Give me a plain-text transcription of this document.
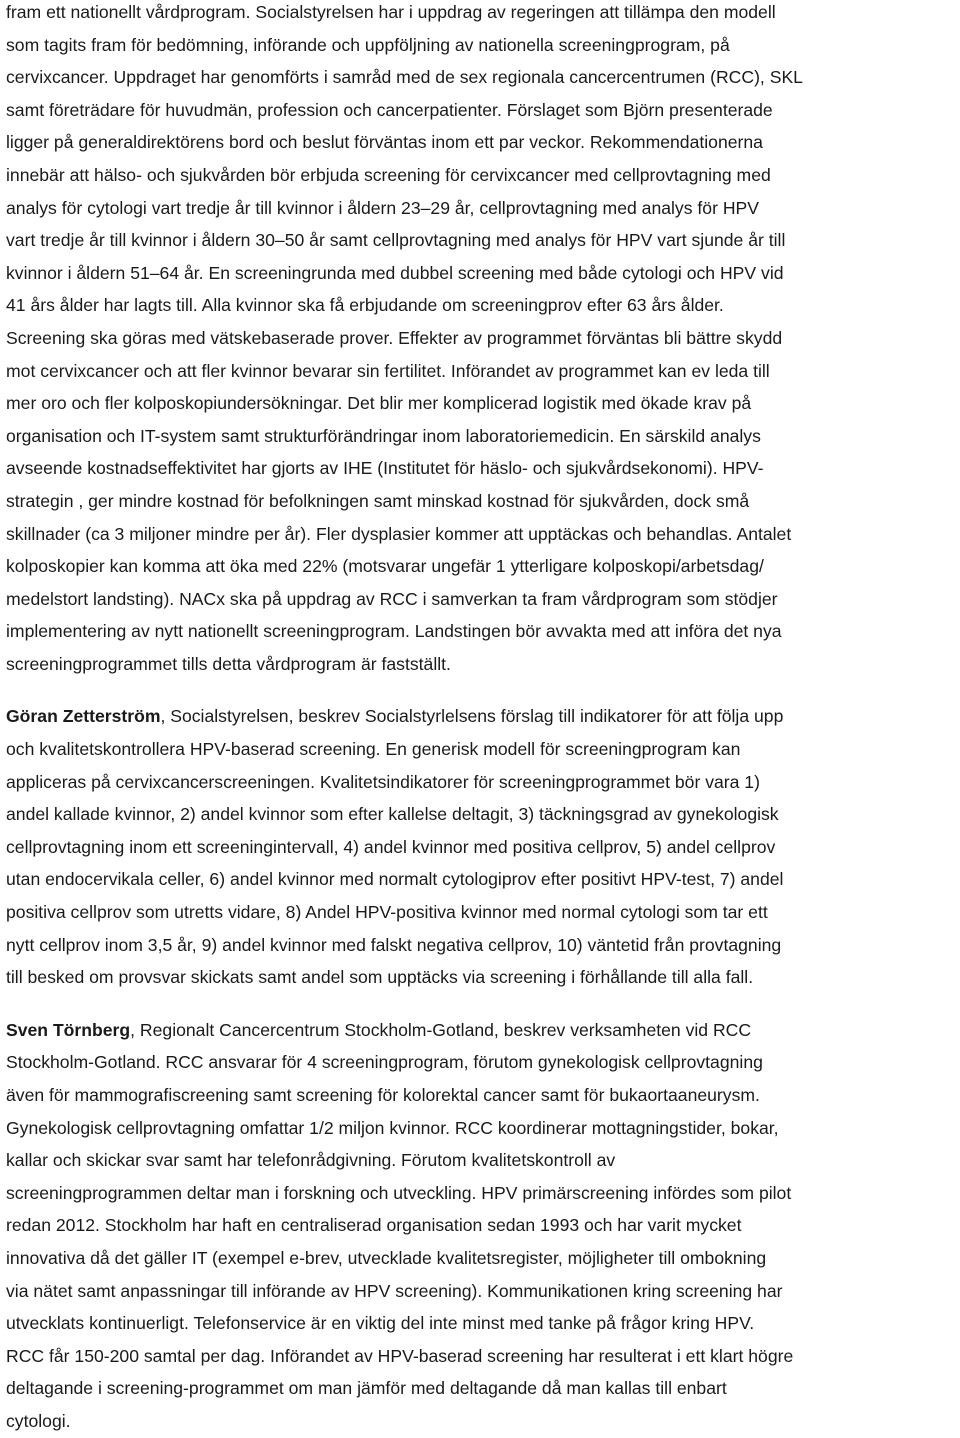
fram ett nationellt vårdprogram. Socialstyrelsen har i uppdrag av regeringen att tillämpa den modell
som tagits fram för bedömning, införande och uppföljning av nationella screeningprogram, på
cervixcancer. Uppdraget har genomförts i samråd med de sex regionala cancercentrumen (RCC), SKL
samt företrädare för huvudmän, profession och cancerpatienter. Förslaget som Björn presenterade
ligger på generaldirektörens bord och beslut förväntas inom ett par veckor. Rekommendationerna
innebär att hälso- och sjukvården bör erbjuda screening för cervixcancer med cellprovtagning med
analys för cytologi vart tredje år till kvinnor i åldern 23–29 år, cellprovtagning med analys för HPV
vart tredje år till kvinnor i åldern 30–50 år samt cellprovtagning med analys för HPV vart sjunde år till
kvinnor i åldern 51–64 år. En screeningrunda med dubbel screening med både cytologi och HPV vid
41 års ålder har lagts till. Alla kvinnor ska få erbjudande om screeningprov efter 63 års ålder.
Screening ska göras med vätskebaserade prover. Effekter av programmet förväntas bli bättre skydd
mot cervixcancer och att fler kvinnor bevarar sin fertilitet. Införandet av programmet kan ev leda till
mer oro och fler kolposkopiundersökningar. Det blir mer komplicerad logistik med ökade krav på
organisation och IT-system samt strukturförändringar inom laboratoriemedicin. En särskild analys
avseende kostnadseffektivitet har gjorts av IHE (Institutet för häslo- och sjukvårdsekonomi). HPV-
strategin , ger mindre kostnad för befolkningen samt minskad kostnad för sjukvården, dock små
skillnader (ca 3 miljoner mindre per år). Fler dysplasier kommer att upptäckas och behandlas. Antalet
kolposkopier kan komma att öka med 22% (motsvarar ungefär 1 ytterligare kolposkopi/arbetsdag/
medelstort landsting). NACx ska på uppdrag av RCC i samverkan ta fram vårdprogram som stödjer
implementering av nytt nationellt screeningprogram. Landstingen bör avvakta med att införa det nya
screeningprogrammet tills detta vårdprogram är fastställt.
Göran Zetterström, Socialstyrelsen, beskrev Socialstyrlelsens förslag till indikatorer för att följa upp
och kvalitetskontrollera HPV-baserad screening. En generisk modell för screeningprogram kan
appliceras på cervixcancerscreeningen. Kvalitetsindikatorer för screeningprogrammet bör vara 1)
andel kallade kvinnor, 2) andel kvinnor som efter kallelse deltagit, 3) täckningsgrad av gynekologisk
cellprovtagning inom ett screeningintervall, 4) andel kvinnor med positiva cellprov, 5) andel cellprov
utan endocervikala celler, 6) andel kvinnor med normalt cytologiprov efter positivt HPV-test, 7) andel
positiva cellprov som utretts vidare, 8) Andel HPV-positiva kvinnor med normal cytologi som tar ett
nytt cellprov inom 3,5 år, 9) andel kvinnor med falskt negativa cellprov, 10) väntetid från provtagning
till besked om provsvar skickats samt andel som upptäcks via screening i förhållande till alla fall.
Sven Törnberg, Regionalt Cancercentrum Stockholm-Gotland, beskrev verksamheten vid RCC
Stockholm-Gotland. RCC ansvarar för 4 screeningprogram, förutom gynekologisk cellprovtagning
även för mammografiscreening samt screening för kolorektal cancer samt för bukaortaaneurysm.
Gynekologisk cellprovtagning omfattar 1/2 miljon kvinnor. RCC koordinerar mottagningstider, bokar,
kallar och skickar svar samt har telefonrådgivning. Förutom kvalitetskontroll av
screeningprogrammen deltar man i forskning och utveckling. HPV primärscreening infördes som pilot
redan 2012. Stockholm har haft en centraliserad organisation sedan 1993 och har varit mycket
innovativa då det gäller IT (exempel e-brev, utvecklade kvalitetsregister, möjligheter till ombokning
via nätet samt anpassningar till införande av HPV screening). Kommunikationen kring screening har
utvecklats kontinuerligt. Telefonservice är en viktig del inte minst med tanke på frågor kring HPV.
RCC får 150-200 samtal per dag. Införandet av HPV-baserad screening har resulterat i ett klart högre
deltagande i screening-programmet om man jämför med deltagande då man kallas till enbart
cytologi.
